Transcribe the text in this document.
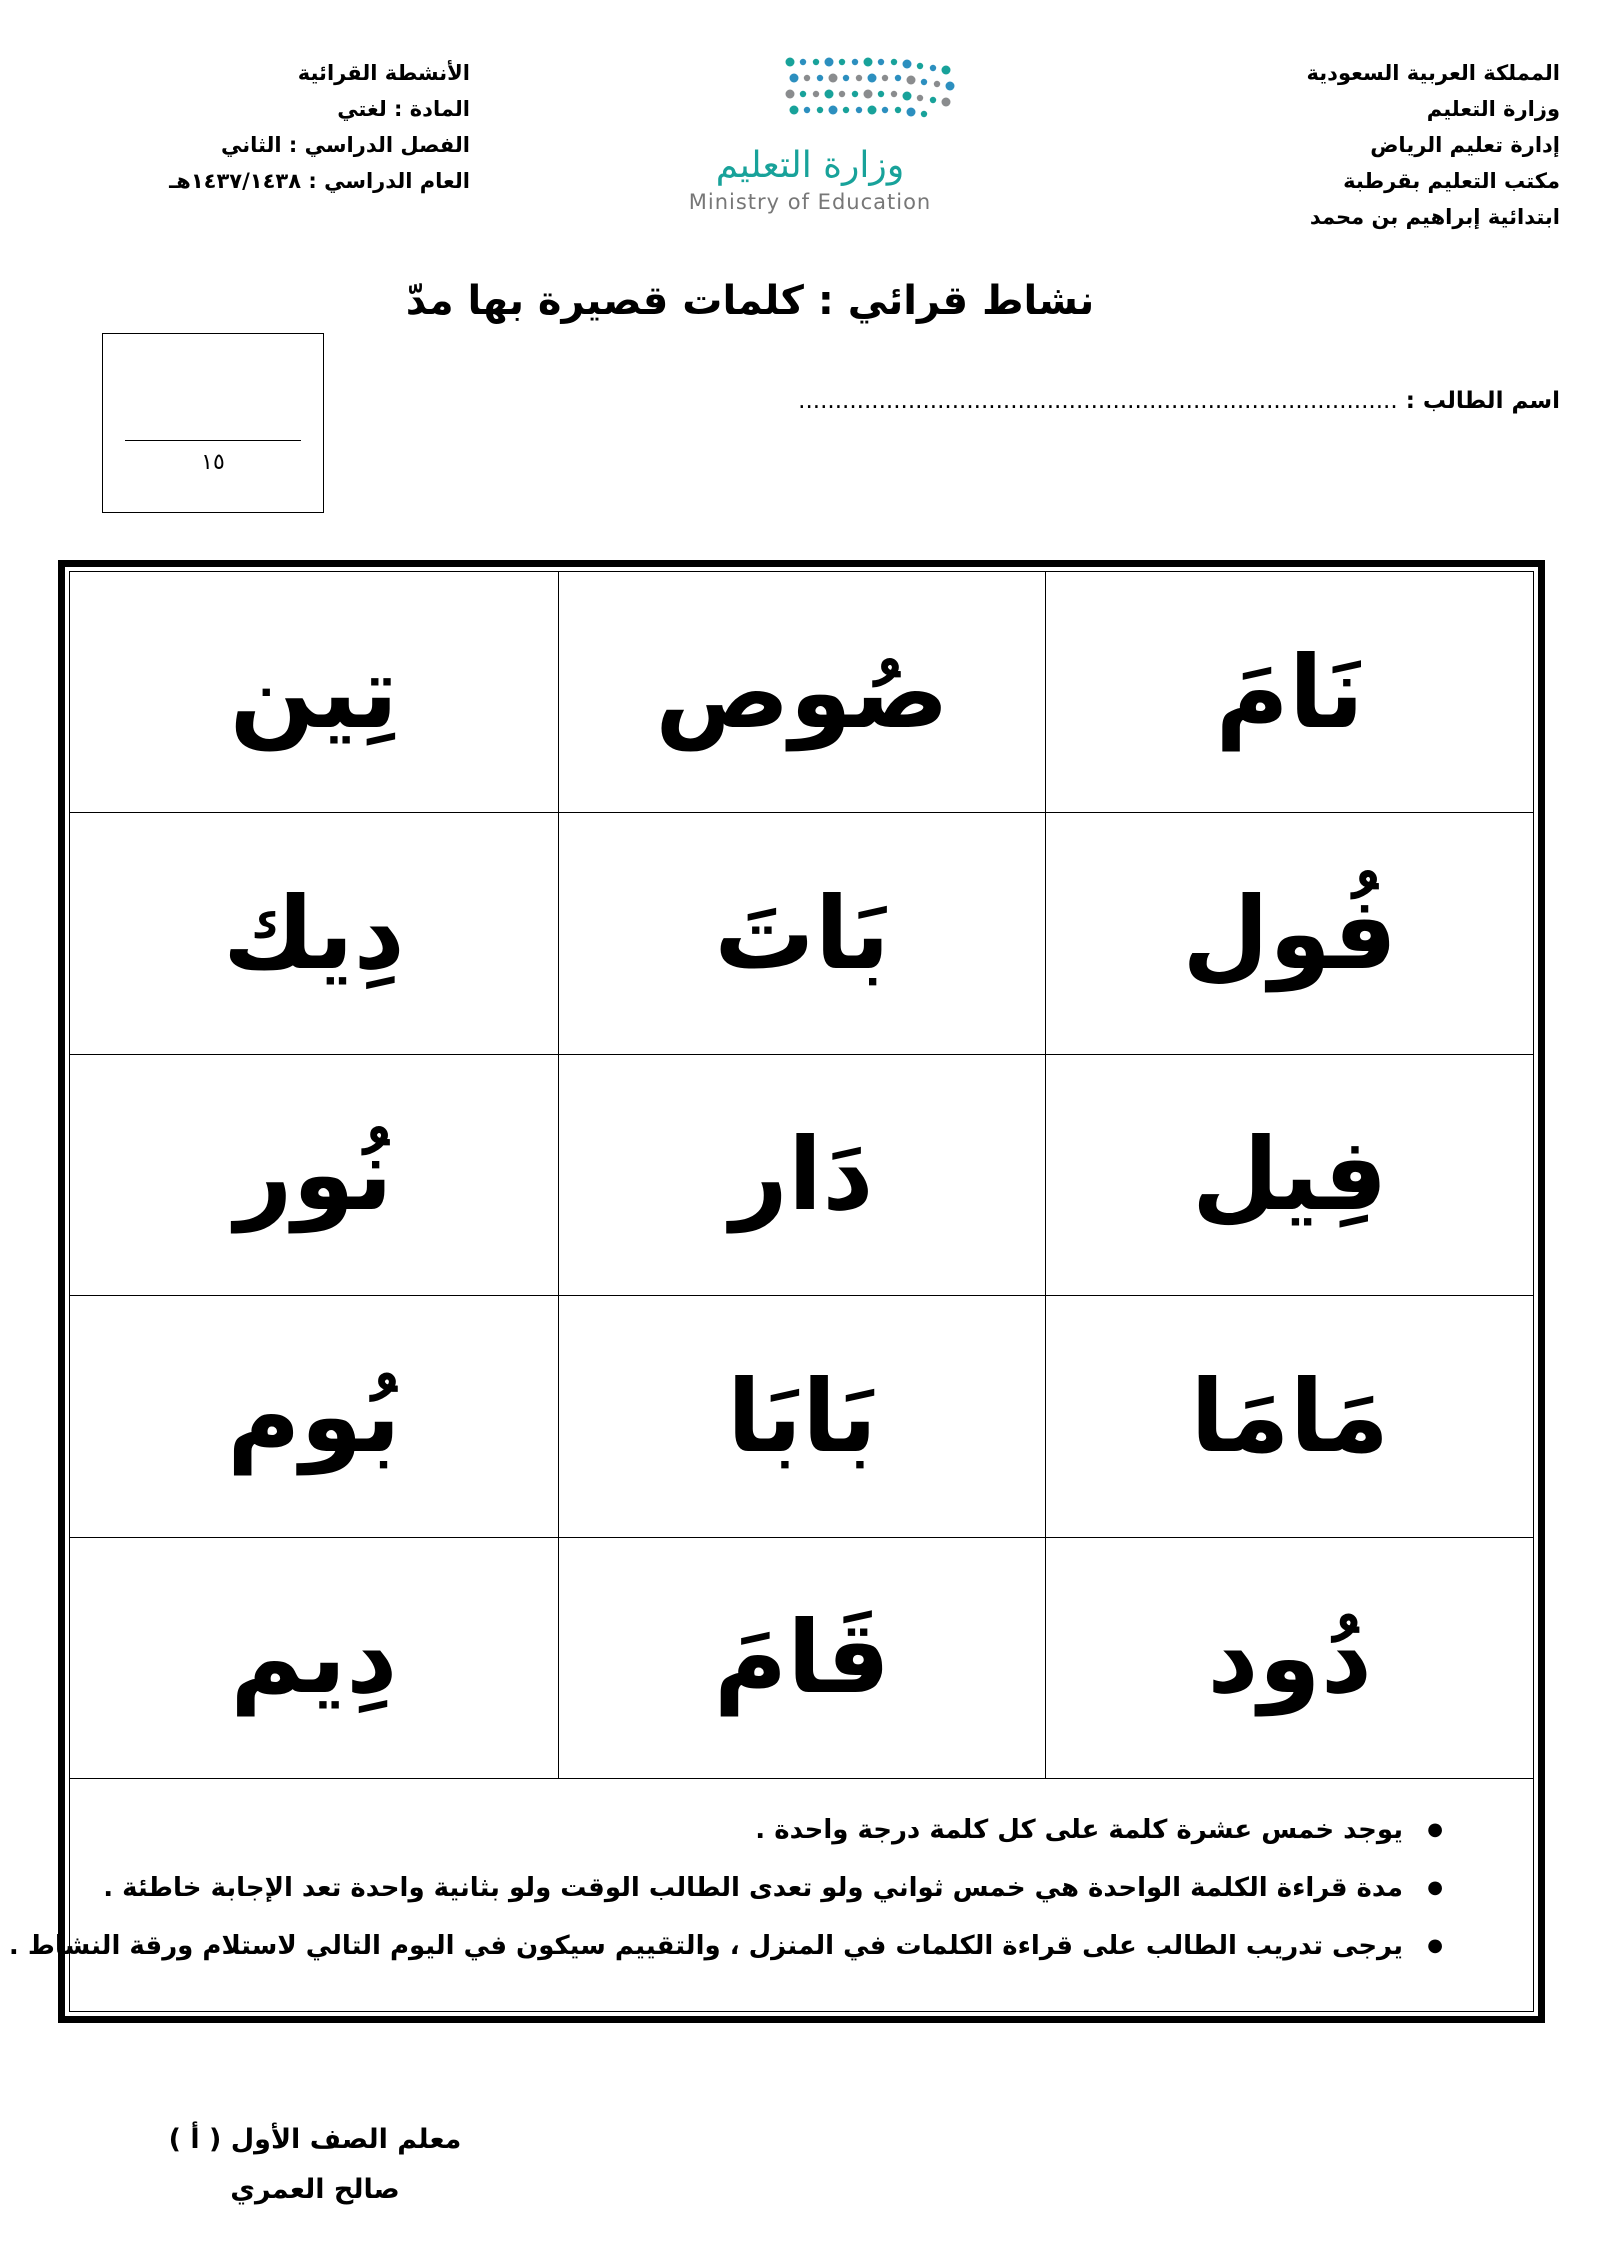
المملكة العربية السعودية
وزارة التعليم
إدارة تعليم الرياض
مكتب التعليم بقرطبة
ابتدائية إبراهيم بن محمد
وزارة التعليم
Ministry of Education
الأنشطة القرائية
المادة : لغتي
الفصل الدراسي : الثاني
العام الدراسي : ١٤٣٧/١٤٣٨هـ
نشاط قرائي : كلمات قصيرة بها مدّ
١٥
اسم الطالب : ..................................................................................
نَامَ
صُوص
تِين
فُول
بَاتَ
دِيك
فِيل
دَار
نُور
مَامَا
بَابَا
بُوم
دُود
قَامَ
دِيم
● يوجد خمس عشرة كلمة على كل كلمة درجة واحدة .
● مدة قراءة الكلمة الواحدة هي خمس ثواني ولو تعدى الطالب الوقت ولو بثانية واحدة تعد الإجابة خاطئة .
● يرجى تدريب الطالب على قراءة الكلمات في المنزل ، والتقييم سيكون في اليوم التالي لاستلام ورقة النشاط .
معلم الصف الأول ( أ )
صالح العمري
